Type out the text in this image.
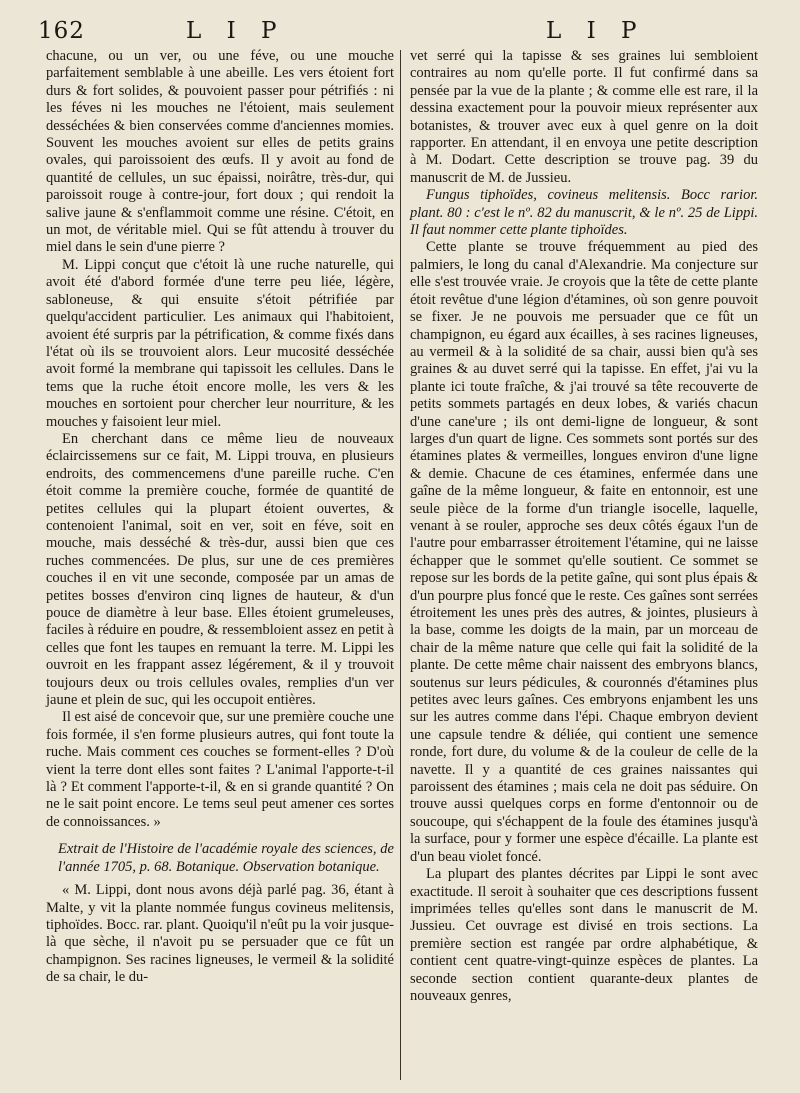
162	L I P	L I P

chacune, ou un ver, ou une féve, ou une mouche parfaitement semblable à une abeille. Les vers étoient fort durs & fort solides, & pouvoient passer pour pétrifiés : ni les féves ni les mouches ne l'étoient, mais seulement desséchées & bien conservées comme d'anciennes momies. Souvent les mouches avoient sur elles de petits grains ovales, qui paroissoient des œufs. Il y avoit au fond de quantité de cellules, un suc épaissi, noirâtre, très-dur, qui paroissoit rouge à contre-jour, fort doux ; qui rendoit la salive jaune & s'enflammoit comme une résine. C'étoit, en un mot, de véritable miel. Qui se fût attendu à trouver du miel dans le sein d'une pierre ?

M. Lippi conçut que c'étoit là une ruche naturelle, qui avoit été d'abord formée d'une terre peu liée, légère, sabloneuse, & qui ensuite s'étoit pétrifiée par quelqu'accident particulier. Les animaux qui l'habitoient, avoient été surpris par la pétrification, & comme fixés dans l'état où ils se trouvoient alors. Leur mucosité desséchée avoit formé la membrane qui tapissoit les cellules. Dans le tems que la ruche étoit encore molle, les vers & les mouches en sortoient pour chercher leur nourriture, & les mouches y faisoient leur miel.

En cherchant dans ce même lieu de nouveaux éclaircissemens sur ce fait, M. Lippi trouva, en plusieurs endroits, des commencemens d'une pareille ruche. C'en étoit comme la première couche, formée de quantité de petites cellules qui la plupart étoient ouvertes, & contenoient l'animal, soit en ver, soit en féve, soit en mouche, mais desséché & très-dur, aussi bien que ces ruches commencées. De plus, sur une de ces premières couches il en vit une seconde, composée par un amas de petites bosses d'environ cinq lignes de hauteur, & d'un pouce de diamètre à leur base. Elles étoient grumeleuses, faciles à réduire en poudre, & ressembloient assez en petit à celles que font les taupes en remuant la terre. M. Lippi les ouvroit en les frappant assez légérement, & il y trouvoit toujours deux ou trois cellules ovales, remplies d'un ver jaune et plein de suc, qui les occupoit entières.

Il est aisé de concevoir que, sur une première couche une fois formée, il s'en forme plusieurs autres, qui font toute la ruche. Mais comment ces couches se forment-elles ? D'où vient la terre dont elles sont faites ? L'animal l'apporte-t-il là ? Et comment l'apporte-t-il, & en si grande quantité ? On ne le sait point encore. Le tems seul peut amener ces sortes de connoissances. »

Extrait de l'Histoire de l'académie royale des sciences, de l'année 1705, p. 68. Botanique. Observation botanique.

« M. Lippi, dont nous avons déjà parlé pag. 36, étant à Malte, y vit la plante nommée fungus covineus melitensis, tiphoïdes. Bocc. rar. plant. Quoiqu'il n'eût pu la voir jusque-là que sèche, il n'avoit pu se persuader que ce fût un champignon. Ses racines ligneuses, le vermeil & la solidité de sa chair, le du-

vet serré qui la tapisse & ses graines lui sembloient contraires au nom qu'elle porte. Il fut confirmé dans sa pensée par la vue de la plante ; & comme elle est rare, il la dessina exactement pour la pouvoir mieux représenter aux botanistes, & trouver avec eux à quel genre on la doit rapporter. En attendant, il en envoya une petite description à M. Dodart. Cette description se trouve pag. 39 du manuscrit de M. de Jussieu.

Fungus tiphoïdes, covineus melitensis. Bocc rarior. plant. 80 : c'est le nº. 82 du manuscrit, & le nº. 25 de Lippi. Il faut nommer cette plante tiphoïdes.

Cette plante se trouve fréquemment au pied des palmiers, le long du canal d'Alexandrie. Ma conjecture sur elle s'est trouvée vraie. Je croyois que la tête de cette plante étoit revêtue d'une légion d'étamines, où son genre pouvoit se fixer. Je ne pouvois me persuader que ce fût un champignon, eu égard aux écailles, à ses racines ligneuses, au vermeil & à la solidité de sa chair, aussi bien qu'à ses graines & au duvet serré qui la tapisse. En effet, j'ai vu la plante ici toute fraîche, & j'ai trouvé sa tête recouverte de petits sommets partagés en deux lobes, & variés chacun d'une cane'ure ; ils ont demi-ligne de longueur, & sont larges d'un quart de ligne. Ces sommets sont portés sur des étamines plates & vermeilles, longues environ d'une ligne & demie. Chacune de ces étamines, enfermée dans une gaîne de la même longueur, & faite en entonnoir, est une seule pièce de la forme d'un triangle isocelle, laquelle, venant à se rouler, approche ses deux côtés égaux l'un de l'autre pour embarrasser étroitement l'étamine, qui ne laisse échapper que le sommet qu'elle soutient. Ce sommet se repose sur les bords de la petite gaîne, qui sont plus épais & d'un pourpre plus foncé que le reste. Ces gaînes sont serrées étroitement les unes près des autres, & jointes, plusieurs à la base, comme les doigts de la main, par un morceau de chair de la même nature que celle qui fait la solidité de la plante. De cette même chair naissent des embryons blancs, soutenus sur leurs pédicules, & couronnés d'étamines plus petites avec leurs gaînes. Ces embryons enjambent les uns sur les autres comme dans l'épi. Chaque embryon devient une capsule tendre & déliée, qui contient une semence ronde, fort dure, du volume & de la couleur de celle de la navette. Il y a quantité de ces graines naissantes qui paroissent des étamines ; mais cela ne doit pas séduire. On trouve aussi quelques corps en forme d'entonnoir ou de soucoupe, qui s'échappent de la foule des étamines jusqu'à la surface, pour y former une espèce d'écaille. La plante est d'un beau violet foncé.

La plupart des plantes décrites par Lippi le sont avec exactitude. Il seroit à souhaiter que ces descriptions fussent imprimées telles qu'elles sont dans le manuscrit de M. Jussieu. Cet ouvrage est divisé en trois sections. La première section est rangée par ordre alphabétique, & contient cent quatre-vingt-quinze espèces de plantes. La seconde section contient quarante-deux plantes de nouveaux genres,
